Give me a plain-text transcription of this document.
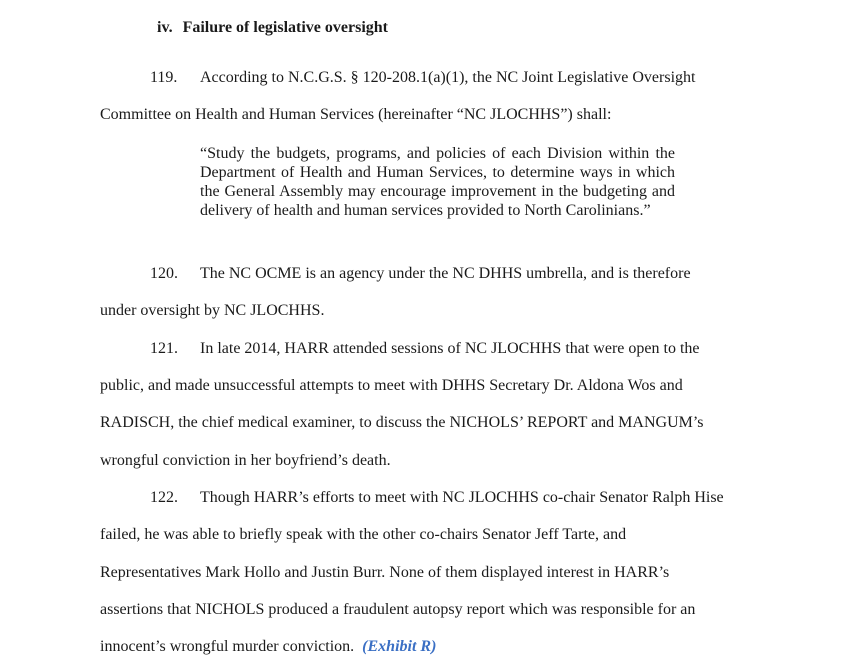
iv. Failure of legislative oversight
119. According to N.C.G.S. § 120-208.1(a)(1), the NC Joint Legislative Oversight
Committee on Health and Human Services (hereinafter “NC JLOCHHS”) shall:
“Study the budgets, programs, and policies of each Division within the Department of Health and Human Services, to determine ways in which the General Assembly may encourage improvement in the budgeting and delivery of health and human services provided to North Carolinians.”
120. The NC OCME is an agency under the NC DHHS umbrella, and is therefore
under oversight by NC JLOCHHS.
121. In late 2014, HARR attended sessions of NC JLOCHHS that were open to the
public, and made unsuccessful attempts to meet with DHHS Secretary Dr. Aldona Wos and
RADISCH, the chief medical examiner, to discuss the NICHOLS’ REPORT and MANGUM’s
wrongful conviction in her boyfriend’s death.
122. Though HARR’s efforts to meet with NC JLOCHHS co-chair Senator Ralph Hise
failed, he was able to briefly speak with the other co-chairs Senator Jeff Tarte, and
Representatives Mark Hollo and Justin Burr. None of them displayed interest in HARR’s
assertions that NICHOLS produced a fraudulent autopsy report which was responsible for an
innocent’s wrongful murder conviction. (Exhibit R)
